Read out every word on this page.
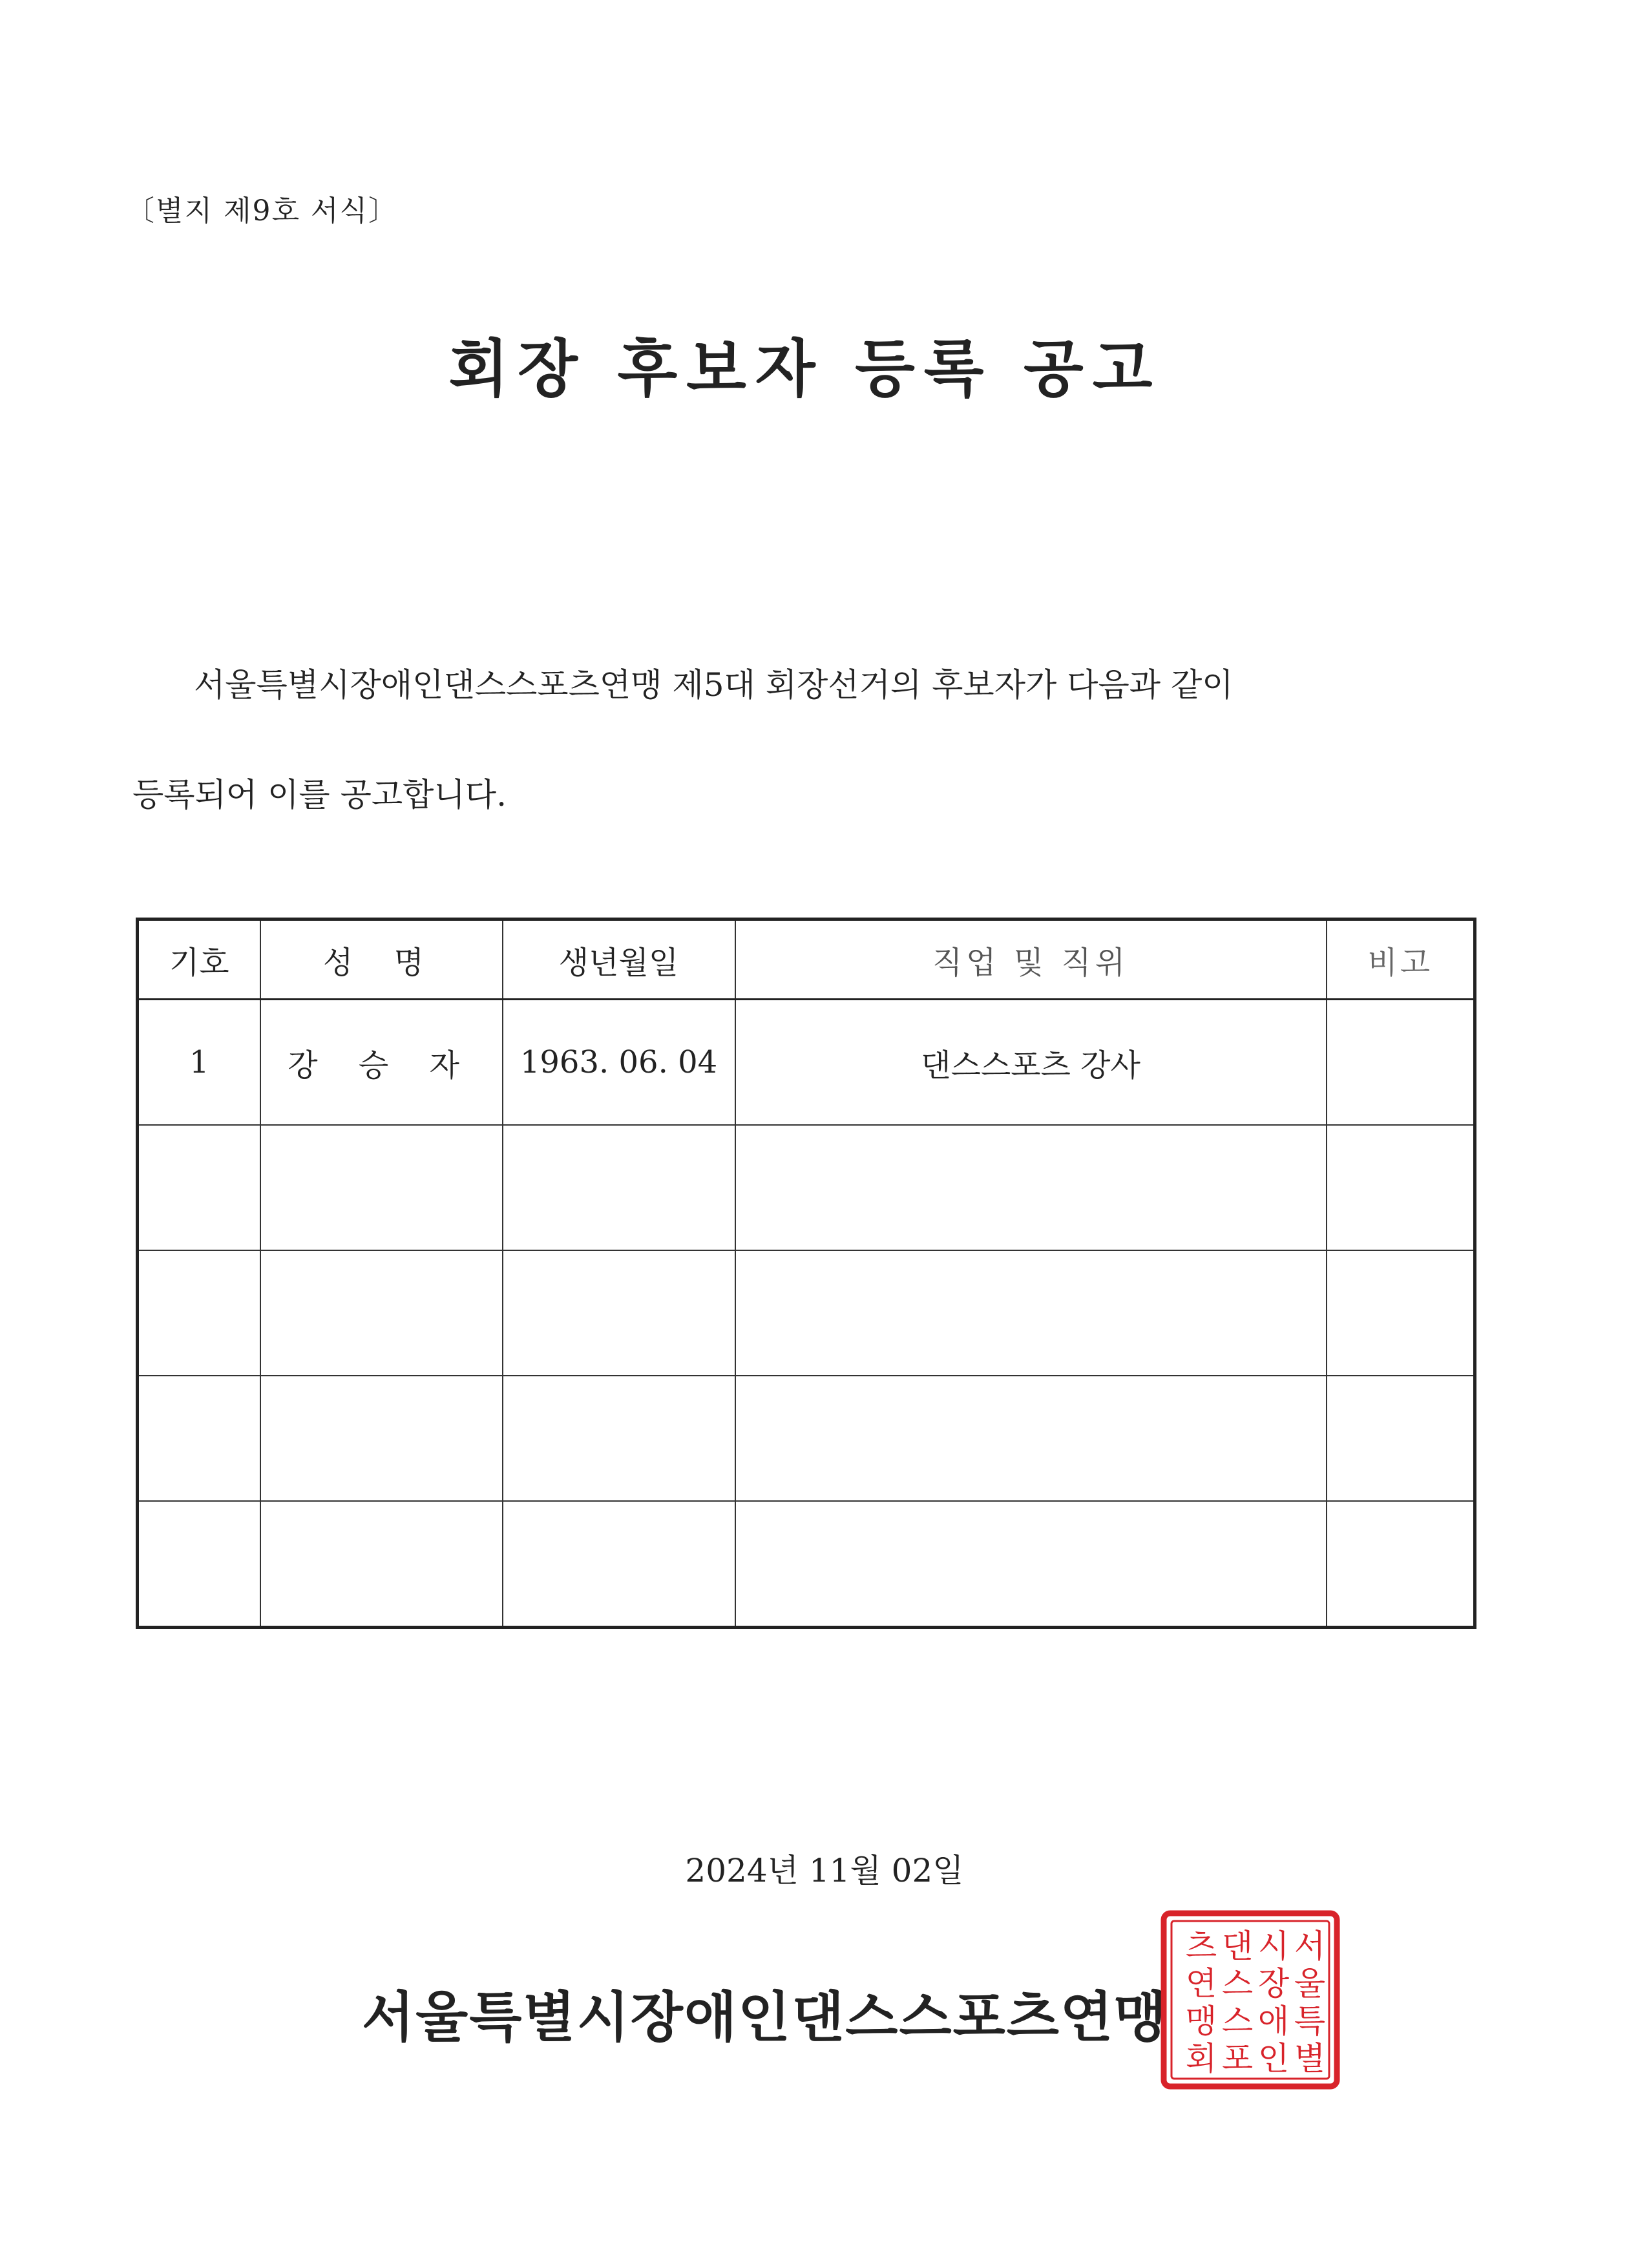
〔별지 제9호 서식〕
회장 후보자 등록 공고
서울특별시장애인댄스스포츠연맹 제5대 회장선거의 후보자가 다음과 같이
등록되어 이를 공고합니다.
기호	성 명	생년월일	직업 및 직위	비고
1	강 승 자	1963. 06. 04	댄스스포츠 강사	

2024년 11월 02일
서울특별시장애인댄스스포츠연맹
서
울
특
별
시
장
애
인
댄
스
스
포
츠
연
맹
회
